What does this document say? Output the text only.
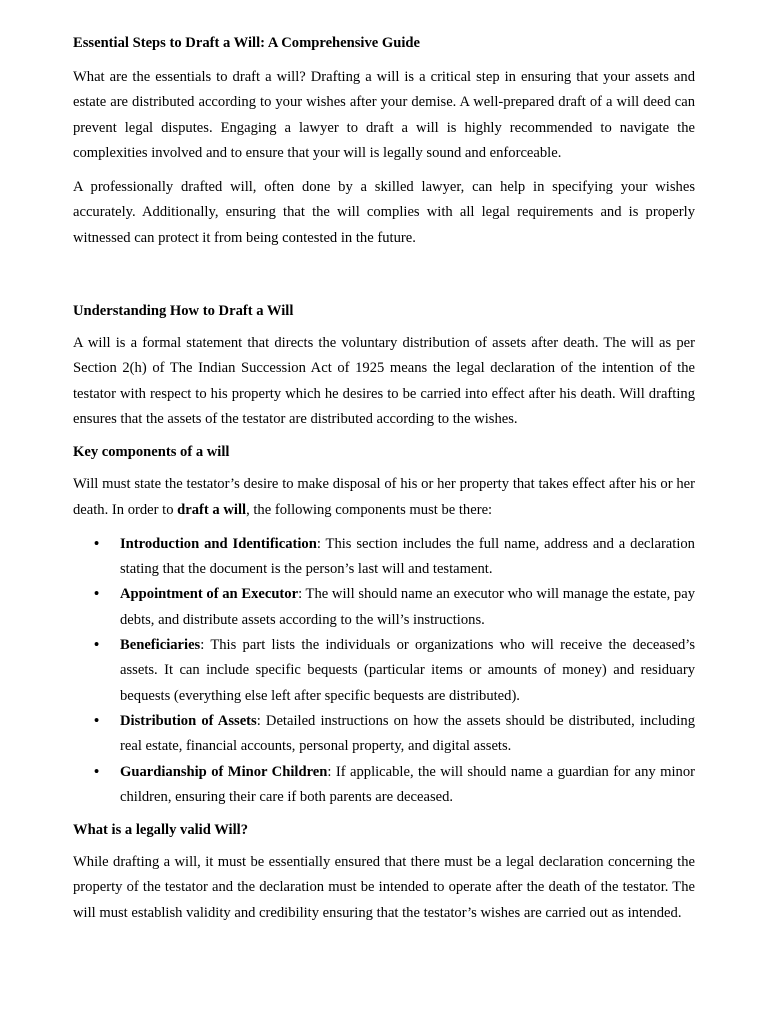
Essential Steps to Draft a Will: A Comprehensive Guide

What are the essentials to draft a will? Drafting a will is a critical step in ensuring that your assets and estate are distributed according to your wishes after your demise. A well-prepared draft of a will deed can prevent legal disputes. Engaging a lawyer to draft a will is highly recommended to navigate the complexities involved and to ensure that your will is legally sound and enforceable.

A professionally drafted will, often done by a skilled lawyer, can help in specifying your wishes accurately. Additionally, ensuring that the will complies with all legal requirements and is properly witnessed can protect it from being contested in the future.

Understanding How to Draft a Will

A will is a formal statement that directs the voluntary distribution of assets after death. The will as per Section 2(h) of The Indian Succession Act of 1925 means the legal declaration of the intention of the testator with respect to his property which he desires to be carried into effect after his death. Will drafting ensures that the assets of the testator are distributed according to the wishes.

Key components of a will

Will must state the testator’s desire to make disposal of his or her property that takes effect after his or her death. In order to draft a will, the following components must be there:

• Introduction and Identification: This section includes the full name, address and a declaration stating that the document is the person’s last will and testament.
• Appointment of an Executor: The will should name an executor who will manage the estate, pay debts, and distribute assets according to the will’s instructions.
• Beneficiaries: This part lists the individuals or organizations who will receive the deceased’s assets. It can include specific bequests (particular items or amounts of money) and residuary bequests (everything else left after specific bequests are distributed).
• Distribution of Assets: Detailed instructions on how the assets should be distributed, including real estate, financial accounts, personal property, and digital assets.
• Guardianship of Minor Children: If applicable, the will should name a guardian for any minor children, ensuring their care if both parents are deceased.
What is a legally valid Will?

While drafting a will, it must be essentially ensured that there must be a legal declaration concerning the property of the testator and the declaration must be intended to operate after the death of the testator. The will must establish validity and credibility ensuring that the testator’s wishes are carried out as intended.
